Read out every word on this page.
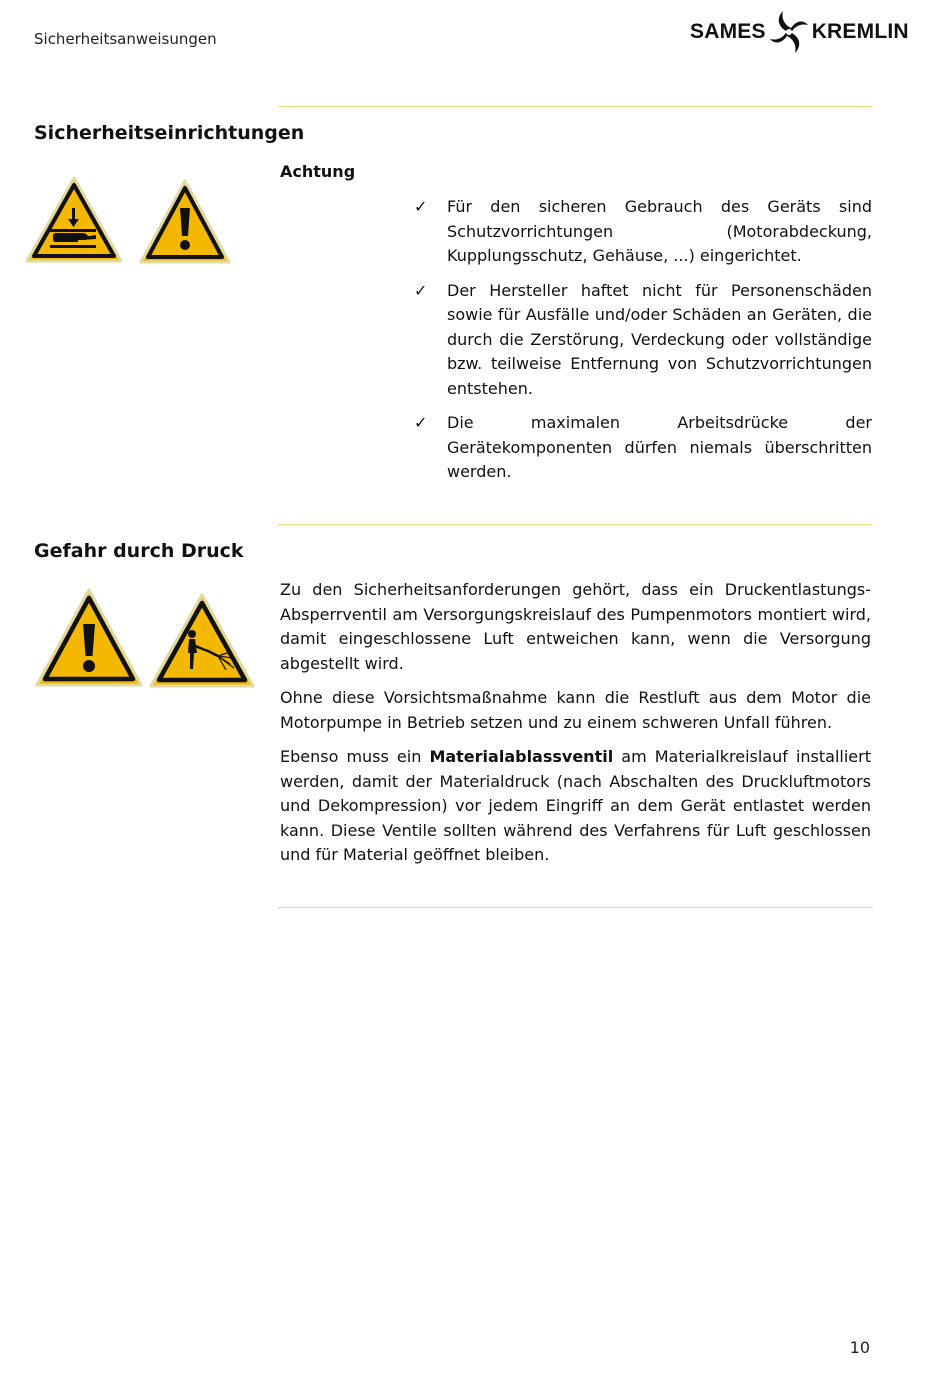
Sicherheitsanweisungen	SAMES KREMLIN
Sicherheitseinrichtungen
Achtung
✓ Für den sicheren Gebrauch des Geräts sind Schutzvorrichtungen (Motorabdeckung, Kupplungsschutz, Gehäuse, ...) eingerichtet.
✓ Der Hersteller haftet nicht für Personenschäden sowie für Ausfälle und/oder Schäden an Geräten, die durch die Zerstörung, Verdeckung oder vollständige bzw. teilweise Entfernung von Schutzvorrichtungen entstehen.
✓ Die maximalen Arbeitsdrücke der Gerätekomponenten dürfen niemals überschritten werden.
Gefahr durch Druck

Zu den Sicherheitsanforderungen gehört, dass ein Druckentlastungs-Absperrventil am Versorgungskreislauf des Pumpenmotors montiert wird, damit eingeschlossene Luft entweichen kann, wenn die Versorgung abgestellt wird.

Ohne diese Vorsichtsmaßnahme kann die Restluft aus dem Motor die Motorpumpe in Betrieb setzen und zu einem schweren Unfall führen.

Ebenso muss ein Materialablassventil am Materialkreislauf installiert werden, damit der Materialdruck (nach Abschalten des Druckluftmotors und Dekompression) vor jedem Eingriff an dem Gerät entlastet werden kann. Diese Ventile sollten während des Verfahrens für Luft geschlossen und für Material geöffnet bleiben.

10
